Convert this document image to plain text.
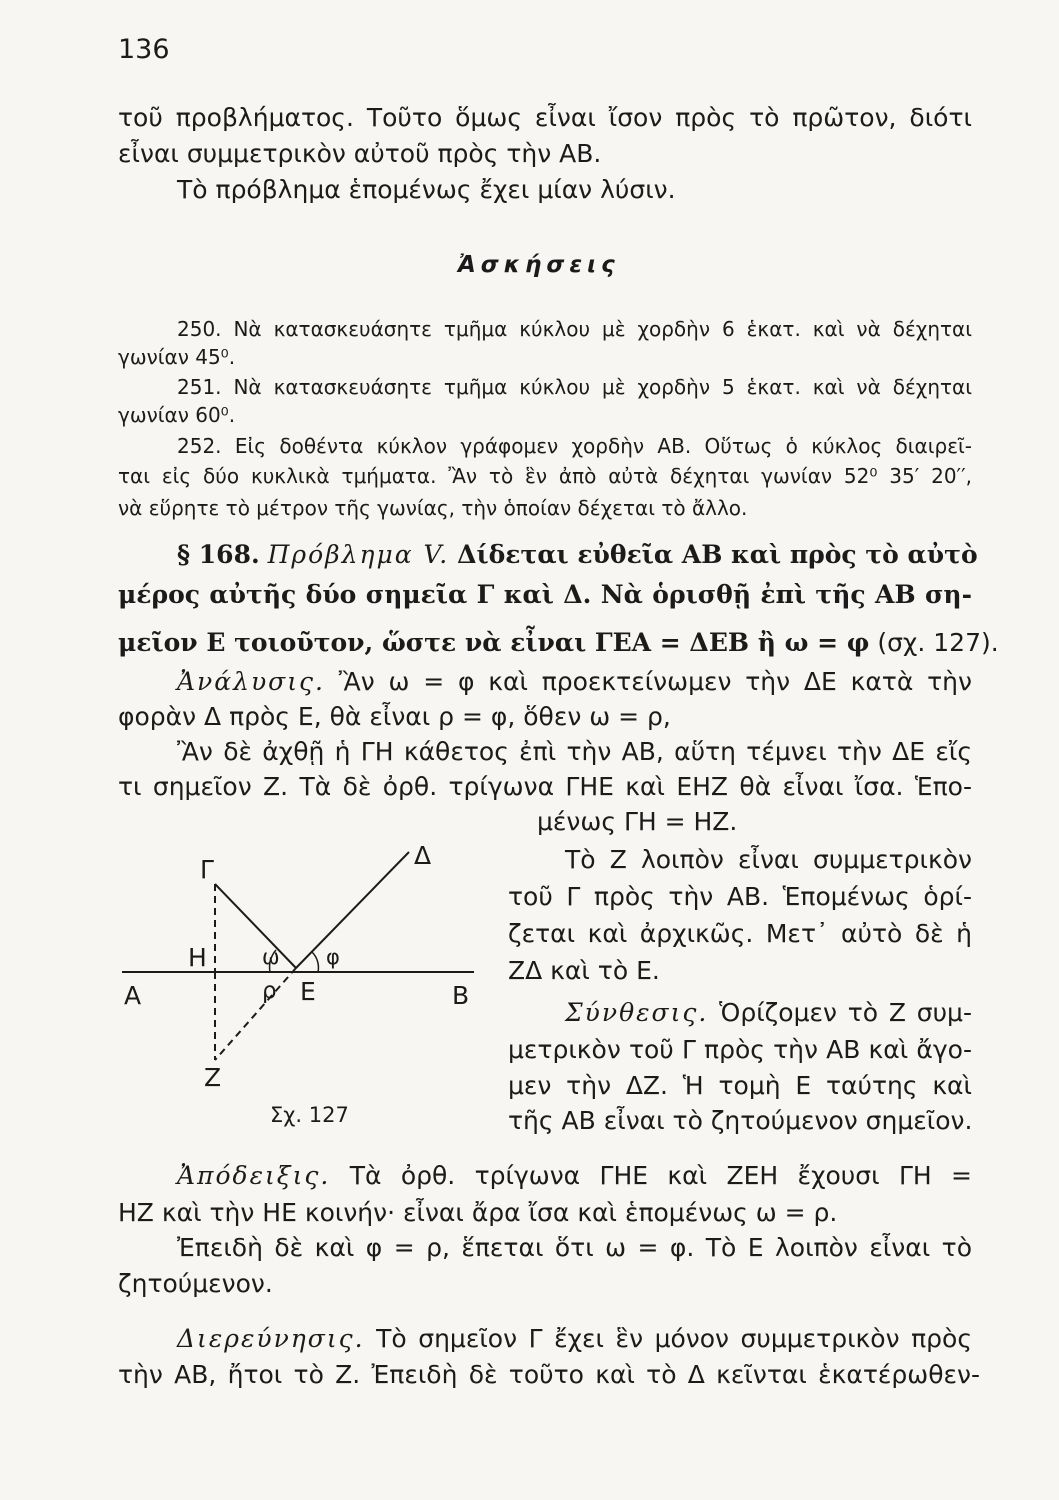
136
τοῦ προβλήματος. Τοῦτο ὅμως εἶναι ἴσον πρὸς τὸ πρῶτον, διότι
εἶναι συμμετρικὸν αὐτοῦ πρὸς τὴν ΑΒ.
Τὸ πρόβλημα ἑπομένως ἔχει μίαν λύσιν.
Ἀσκήσεις
250. Νὰ κατασκευάσητε τμῆμα κύκλου μὲ χορδὴν 6 ἑκατ. καὶ νὰ δέχηται
γωνίαν 45⁰.
251. Νὰ κατασκευάσητε τμῆμα κύκλου μὲ χορδὴν 5 ἑκατ. καὶ νὰ δέχηται
γωνίαν 60⁰.
252. Εἰς δοθέντα κύκλον γράφομεν χορδὴν ΑΒ. Οὕτως ὁ κύκλος διαιρεῖ-
ται εἰς δύο κυκλικὰ τμήματα. Ἂν τὸ ἓν ἀπὸ αὐτὰ δέχηται γωνίαν 52⁰ 35′ 20′′,
νὰ εὕρητε τὸ μέτρον τῆς γωνίας, τὴν ὁποίαν δέχεται τὸ ἄλλο.
§ 168. Πρόβλημα V. Δίδεται εὐθεῖα ΑΒ καὶ πρὸς τὸ αὐτὸ
μέρος αὐτῆς δύο σημεῖα Γ καὶ Δ. Νὰ ὁρισθῇ ἐπὶ τῆς ΑΒ ση-
μεῖον Ε τοιοῦτον, ὥστε νὰ εἶναι ΓΕΑ = ΔΕΒ ἢ ω = φ (σχ. 127).
Ἀνάλυσις. Ἂν ω = φ καὶ προεκτείνωμεν τὴν ΔΕ κατὰ τὴν
φορὰν Δ πρὸς Ε, θὰ εἶναι ρ = φ, ὅθεν ω = ρ,
Ἂν δὲ ἀχθῇ ἡ ΓΗ κάθετος ἐπὶ τὴν ΑΒ, αὕτη τέμνει τὴν ΔΕ εἴς
τι σημεῖον Ζ. Τὰ δὲ ὀρθ. τρίγωνα ΓΗΕ καὶ ΕΗΖ θὰ εἶναι ἴσα. Ἑπο-
μένως ΓΗ = ΗΖ.
Τὸ Ζ λοιπὸν εἶναι συμμετρικὸν
τοῦ Γ πρὸς τὴν ΑΒ. Ἑπομένως ὁρί-
ζεται καὶ ἀρχικῶς. Μετ᾽ αὐτὸ δὲ ἡ
ΖΔ καὶ τὸ Ε.
Σύνθεσις. Ὁρίζομεν τὸ Ζ συμ-
μετρικὸν τοῦ Γ πρὸς τὴν ΑΒ καὶ ἄγο-
μεν τὴν ΔΖ. Ἡ τομὴ Ε ταύτης καὶ
τῆς ΑΒ εἶναι τὸ ζητούμενον σημεῖον.
Γ	Δ
Η	ω φ
Α	ρ Ε	Β
Ζ
Σχ. 127
Ἀπόδειξις. Τὰ ὀρθ. τρίγωνα ΓΗΕ καὶ ΖΕΗ ἔχουσι ΓΗ =
ΗΖ καὶ τὴν ΗΕ κοινήν· εἶναι ἄρα ἴσα καὶ ἑπομένως ω = ρ.
Ἐπειδὴ δὲ καὶ φ = ρ, ἕπεται ὅτι ω = φ. Τὸ Ε λοιπὸν εἶναι τὸ
ζητούμενον.
Διερεύνησις. Τὸ σημεῖον Γ ἔχει ἓν μόνον συμμετρικὸν πρὸς
τὴν ΑΒ, ἤτοι τὸ Ζ. Ἐπειδὴ δὲ τοῦτο καὶ τὸ Δ κεῖνται ἑκατέρωθεν-
